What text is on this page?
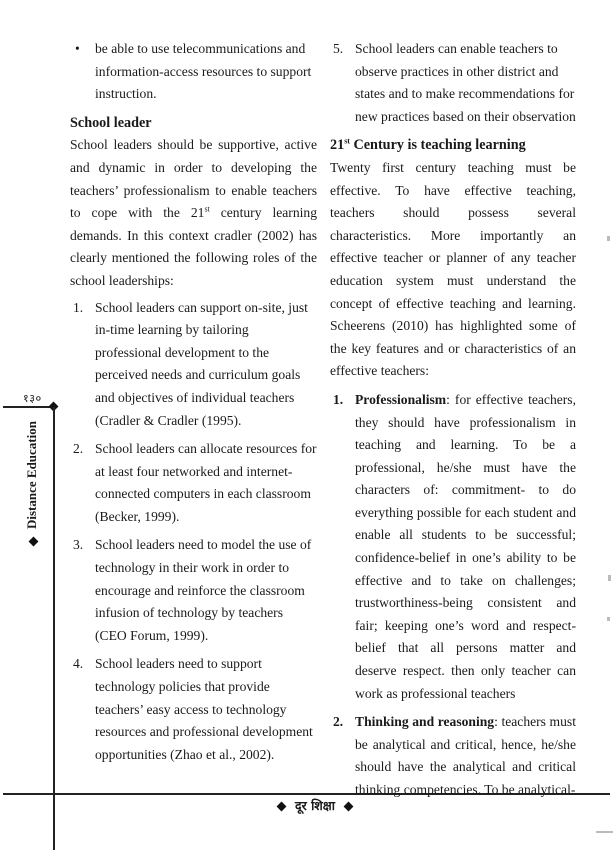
१३०
Distance Education
• be able to use telecommunications and information-access resources to support instruction.
School leader
School leaders should be supportive, active and dynamic in order to developing the teachers’ professionalism to enable teachers to cope with the 21st century learning demands. In this context cradler (2002) has clearly mentioned the following roles of the school leaderships:
1. School leaders can support on-site, just in-time learning by tailoring professional development to the perceived needs and curriculum goals and objectives of individual teachers (Cradler & Cradler (1995).
2. School leaders can allocate resources for at least four networked and internet-connected computers in each classroom (Becker, 1999).
3. School leaders need to model the use of technology in their work in order to encourage and reinforce the classroom infusion of technology by teachers (CEO Forum, 1999).
4. School leaders need to support technology policies that provide teachers’ easy access to technology resources and professional development opportunities (Zhao et al., 2002).
5. School leaders can enable teachers to observe practices in other district and states and to make recommendations for new practices based on their observation
21st Century is teaching learning
Twenty first century teaching must be effective. To have effective teaching, teachers should possess several characteristics. More importantly an effective teacher or planner of any teacher education system must understand the concept of effective teaching and learning. Scheerens (2010) has highlighted some of the key features and or characteristics of an effective teachers:
1. Professionalism: for effective teachers, they should have professionalism in teaching and learning. To be a professional, he/she must have the characters of: commitment- to do everything possible for each student and enable all students to be successful; confidence-belief in one’s ability to be effective and to take on challenges; trustworthiness-being consistent and fair; keeping one’s word and respect- belief that all persons matter and deserve respect. then only teacher can work as professional teachers
2. Thinking and reasoning: teachers must be analytical and critical, hence, he/she should have the analytical and critical thinking competencies. To be analytical-
दूर शिक्षा
